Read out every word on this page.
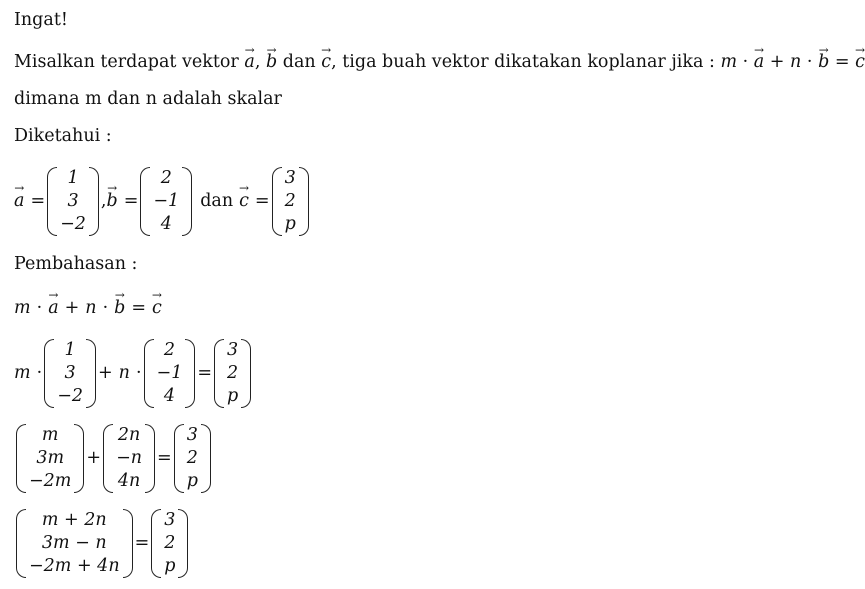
Ingat!
Misalkan terdapat vektor a →, b → dan c →, tiga buah vektor dikatakan koplanar jika : m · a → + n · b → = c →
dimana m dan n adalah skalar
Diketahui :
a → =
1
3
−2
, b → =
2
−1
4
dan c → =
3
2
p
Pembahasan :
m · a → + n · b → = c →
m ·
1
3
−2
+ n ·
2
−1
4
=
3
2
p
m
3m
−2m
+
2n
−n
4n
=
3
2
p
m + 2n
3m − n
−2m + 4n
=
3
2
p
